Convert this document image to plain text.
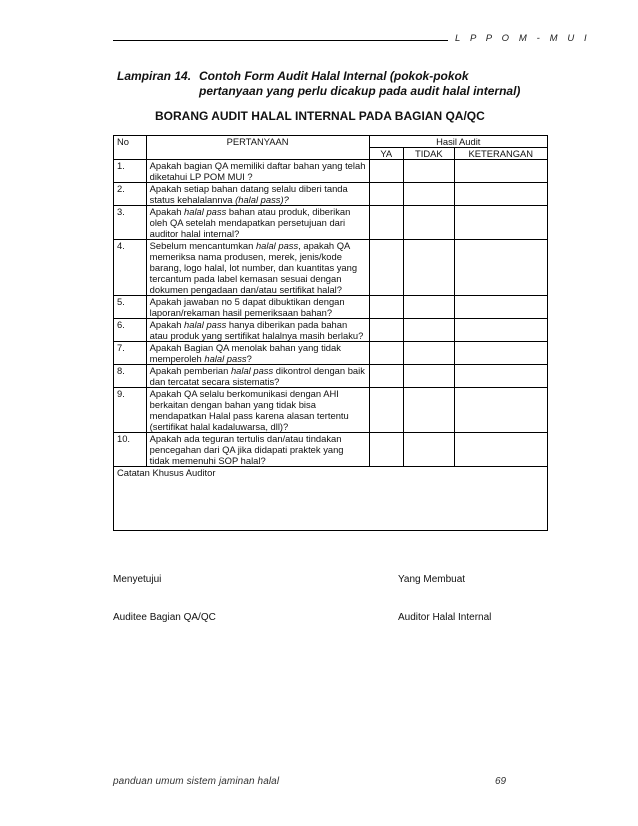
L P P O M - M U I
Lampiran 14. Contoh Form Audit Halal Internal (pokok-pokok
pertanyaan yang perlu dicakup pada audit halal internal)
BORANG AUDIT HALAL INTERNAL PADA BAGIAN QA/QC
No	PERTANYAAN	Hasil Audit		
		YA	TIDAK	KETERANGAN
1.	Apakah bagian QA memiliki daftar bahan yang telah diketahui LP POM MUI ?			
2.	Apakah setiap bahan datang selalu diberi tanda status kehalalannva (halal pass)?			
3.	Apakah halal pass bahan atau produk, diberikan oleh QA setelah mendapatkan persetujuan dari auditor halal internal?			
4.	Sebelum mencantumkan halal pass, apakah QA memeriksa nama produsen, merek, jenis/kode barang, logo halal, lot number, dan kuantitas yang tercantum pada label kemasan sesuai dengan dokumen pengadaan dan/atau sertifikat halal?			
5.	Apakah jawaban no 5 dapat dibuktikan dengan laporan/rekaman hasil pemeriksaan bahan?			
6.	Apakah halal pass hanya diberikan pada bahan atau produk yang sertifikat halalnya masih berlaku?			
7.	Apakah Bagian QA menolak bahan yang tidak memperoleh halal pass?			
8.	Apakah pemberian halal pass dikontrol dengan baik dan tercatat secara sistematis?			
9.	Apakah QA selalu berkomunikasi dengan AHI berkaitan dengan bahan yang tidak bisa mendapatkan Halal pass karena alasan tertentu (sertifikat halal kadaluwarsa, dll)?			
10.	Apakah ada teguran tertulis dan/atau tindakan pencegahan dari QA jika didapati praktek yang tidak memenuhi SOP halal?			
Catatan Khusus Auditor				
Menyetujui	Yang Membuat
Auditee Bagian QA/QC	Auditor Halal Internal
panduan umum sistem jaminan halal	69
